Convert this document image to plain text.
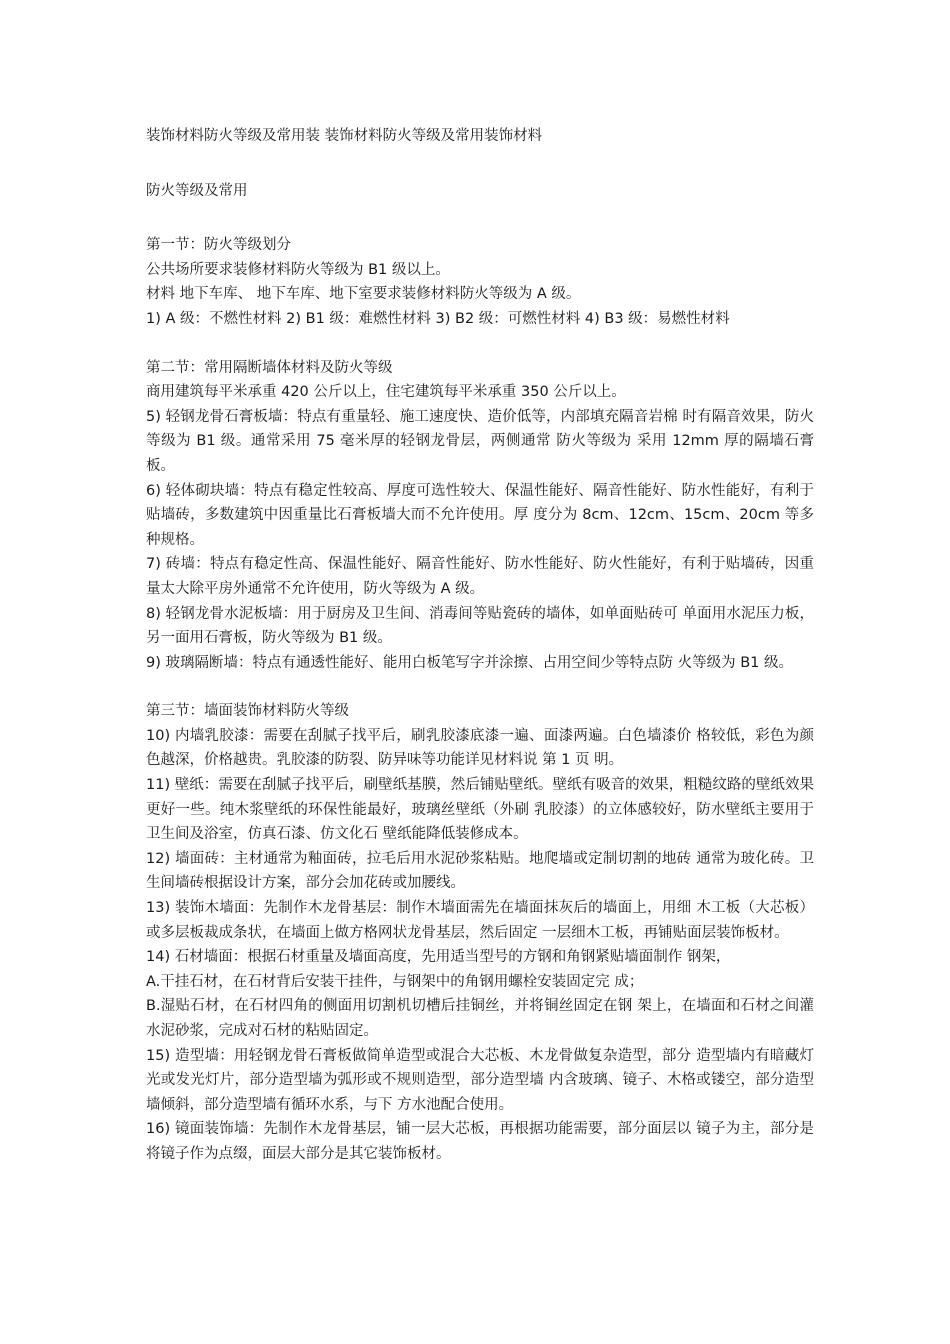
装饰材料防火等级及常用装 装饰材料防火等级及常用装饰材料

防火等级及常用

第一节：防火等级划分

公共场所要求装修材料防火等级为 B1 级以上。

材料 地下车库、 地下车库、地下室要求装修材料防火等级为 A 级。

1) A 级：不燃性材料 2) B1 级：难燃性材料 3) B2 级：可燃性材料 4) B3 级：易燃性材料

第二节：常用隔断墙体材料及防火等级

商用建筑每平米承重 420 公斤以上，住宅建筑每平米承重 350 公斤以上。

5) 轻钢龙骨石膏板墙：特点有重量轻、施工速度快、造价低等，内部填充隔音岩棉 时有隔音效果，防火等级为 B1 级。通常采用 75 毫米厚的轻钢龙骨层，两侧通常 防火等级为 采用 12mm 厚的隔墙石膏板。

6) 轻体砌块墙：特点有稳定性较高、厚度可选性较大、保温性能好、隔音性能好、防水性能好，有利于贴墙砖，多数建筑中因重量比石膏板墙大而不允许使用。厚 度分为 8cm、12cm、15cm、20cm 等多种规格。

7) 砖墙：特点有稳定性高、保温性能好、隔音性能好、防水性能好、防火性能好，有利于贴墙砖，因重量太大除平房外通常不允许使用，防火等级为 A 级。

8) 轻钢龙骨水泥板墙：用于厨房及卫生间、消毒间等贴瓷砖的墙体，如单面贴砖可 单面用水泥压力板，另一面用石膏板，防火等级为 B1 级。

9) 玻璃隔断墙：特点有通透性能好、能用白板笔写字并涂擦、占用空间少等特点防 火等级为 B1 级。

第三节：墙面装饰材料防火等级

10) 内墙乳胶漆：需要在刮腻子找平后，刷乳胶漆底漆一遍、面漆两遍。白色墙漆价 格较低，彩色为颜色越深，价格越贵。乳胶漆的防裂、防异味等功能详见材料说 第 1 页 明。

11) 壁纸：需要在刮腻子找平后，刷壁纸基膜，然后铺贴壁纸。壁纸有吸音的效果，粗糙纹路的壁纸效果更好一些。纯木浆壁纸的环保性能最好，玻璃丝壁纸（外刷 乳胶漆）的立体感较好，防水壁纸主要用于卫生间及浴室，仿真石漆、仿文化石 壁纸能降低装修成本。

12) 墙面砖：主材通常为釉面砖，拉毛后用水泥砂浆粘贴。地爬墙或定制切割的地砖 通常为玻化砖。卫生间墙砖根据设计方案，部分会加花砖或加腰线。

13) 装饰木墙面：先制作木龙骨基层：制作木墙面需先在墙面抹灰后的墙面上，用细 木工板（大芯板）或多层板裁成条状，在墙面上做方格网状龙骨基层，然后固定 一层细木工板，再铺贴面层装饰板材。

14) 石材墙面：根据石材重量及墙面高度，先用适当型号的方钢和角钢紧贴墙面制作 钢架，

A.干挂石材，在石材背后安装干挂件，与钢架中的角钢用螺栓安装固定完 成；

B.湿贴石材，在石材四角的侧面用切割机切槽后挂铜丝，并将铜丝固定在钢 架上，在墙面和石材之间灌水泥砂浆，完成对石材的粘贴固定。

15) 造型墙：用轻钢龙骨石膏板做简单造型或混合大芯板、木龙骨做复杂造型，部分 造型墙内有暗藏灯光或发光灯片，部分造型墙为弧形或不规则造型，部分造型墙 内含玻璃、镜子、木格或镂空，部分造型墙倾斜，部分造型墙有循环水系，与下 方水池配合使用。

16) 镜面装饰墙：先制作木龙骨基层，铺一层大芯板，再根据功能需要，部分面层以 镜子为主，部分是将镜子作为点缀，面层大部分是其它装饰板材。
